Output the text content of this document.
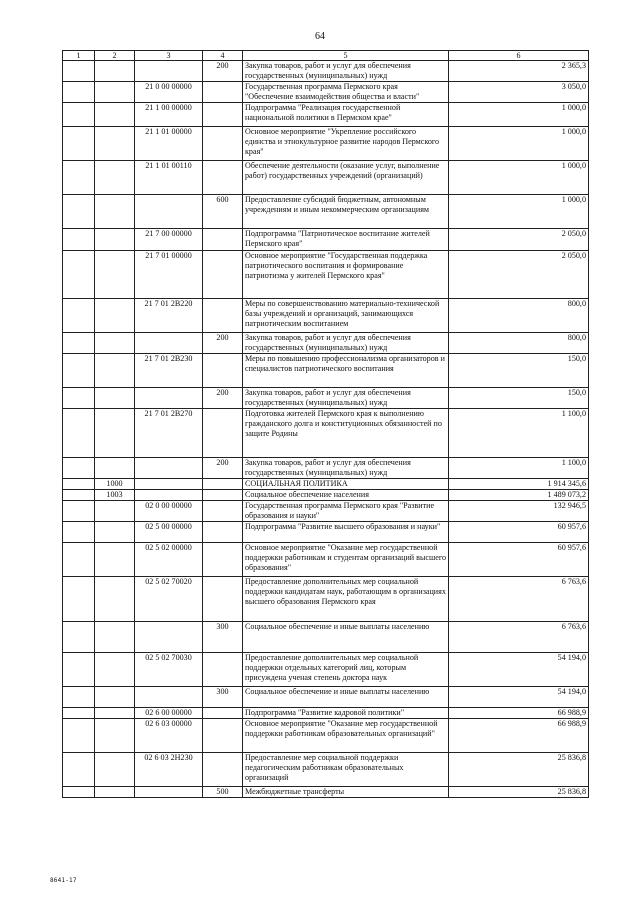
64
1	2	3	4	5	6
			200	Закупка товаров, работ и услуг для обеспечения государственных (муниципальных) нужд	2 365,3
		21 0 00 00000		Государственная программа Пермского края "Обеспечение взаимодействия общества и власти"	3 050,0
		21 1 00 00000		Подпрограмма "Реализация государственной национальной политики в Пермском крае"	1 000,0
		21 1 01 00000		Основное мероприятие "Укрепление российского единства и этнокультурное развитие народов Пермского края"	1 000,0
		21 1 01 00110		Обеспечение деятельности (оказание услуг, выполнение работ) государственных учреждений (организаций)	1 000,0
			600	Предоставление субсидий бюджетным, автономным учреждениям и иным некоммерческим организациям	1 000,0
		21 7 00 00000		Подпрограмма "Патриотическое воспитание жителей Пермского края"	2 050,0
		21 7 01 00000		Основное мероприятие "Государственная поддержка патриотического воспитания и формирование патриотизма у жителей Пермского края"	2 050,0
		21 7 01 2В220		Меры по совершенствованию материально-технической базы учреждений и организаций, занимающихся патриотическим воспитанием	800,0
			200	Закупка товаров, работ и услуг для обеспечения государственных (муниципальных) нужд	800,0
		21 7 01 2В230		Меры по повышению профессионализма организаторов и специалистов патриотического воспитания	150,0
			200	Закупка товаров, работ и услуг для обеспечения государственных (муниципальных) нужд	150,0
		21 7 01 2В270		Подготовка жителей Пермского края к выполнению гражданского долга и конституционных обязанностей по защите Родины	1 100,0
			200	Закупка товаров, работ и услуг для обеспечения государственных (муниципальных) нужд	1 100,0
	1000			СОЦИАЛЬНАЯ ПОЛИТИКА	1 914 345,6
	1003			Социальное обеспечение населения	1 489 073,2
		02 0 00 00000		Государственная программа Пермского края "Развитие образования и науки"	132 946,5
		02 5 00 00000		Подпрограмма "Развитие высшего образования и науки"	60 957,6
		02 5 02 00000		Основное мероприятие "Оказание мер государственной поддержки работникам и студентам организаций высшего образования"	60 957,6
		02 5 02 70020		Предоставление дополнительных мер социальной поддержки кандидатам наук, работающим в организациях высшего образования Пермского края	6 763,6
			300	Социальное обеспечение и иные выплаты населению	6 763,6
		02 5 02 70030		Предоставление дополнительных мер социальной поддержки отдельных категорий лиц, которым присуждена ученая степень доктора наук	54 194,0
			300	Социальное обеспечение и иные выплаты населению	54 194,0
		02 6 00 00000		Подпрограмма "Развитие кадровой политики"	66 988,9
		02 6 03 00000		Основное мероприятие "Оказание мер государственной поддержки работникам образовательных организаций"	66 988,9
		02 6 03 2Н230		Предоставление мер социальной поддержки педагогическим работникам образовательных организаций	25 836,8
			500	Межбюджетные трансферты	25 836,8
8641-17
